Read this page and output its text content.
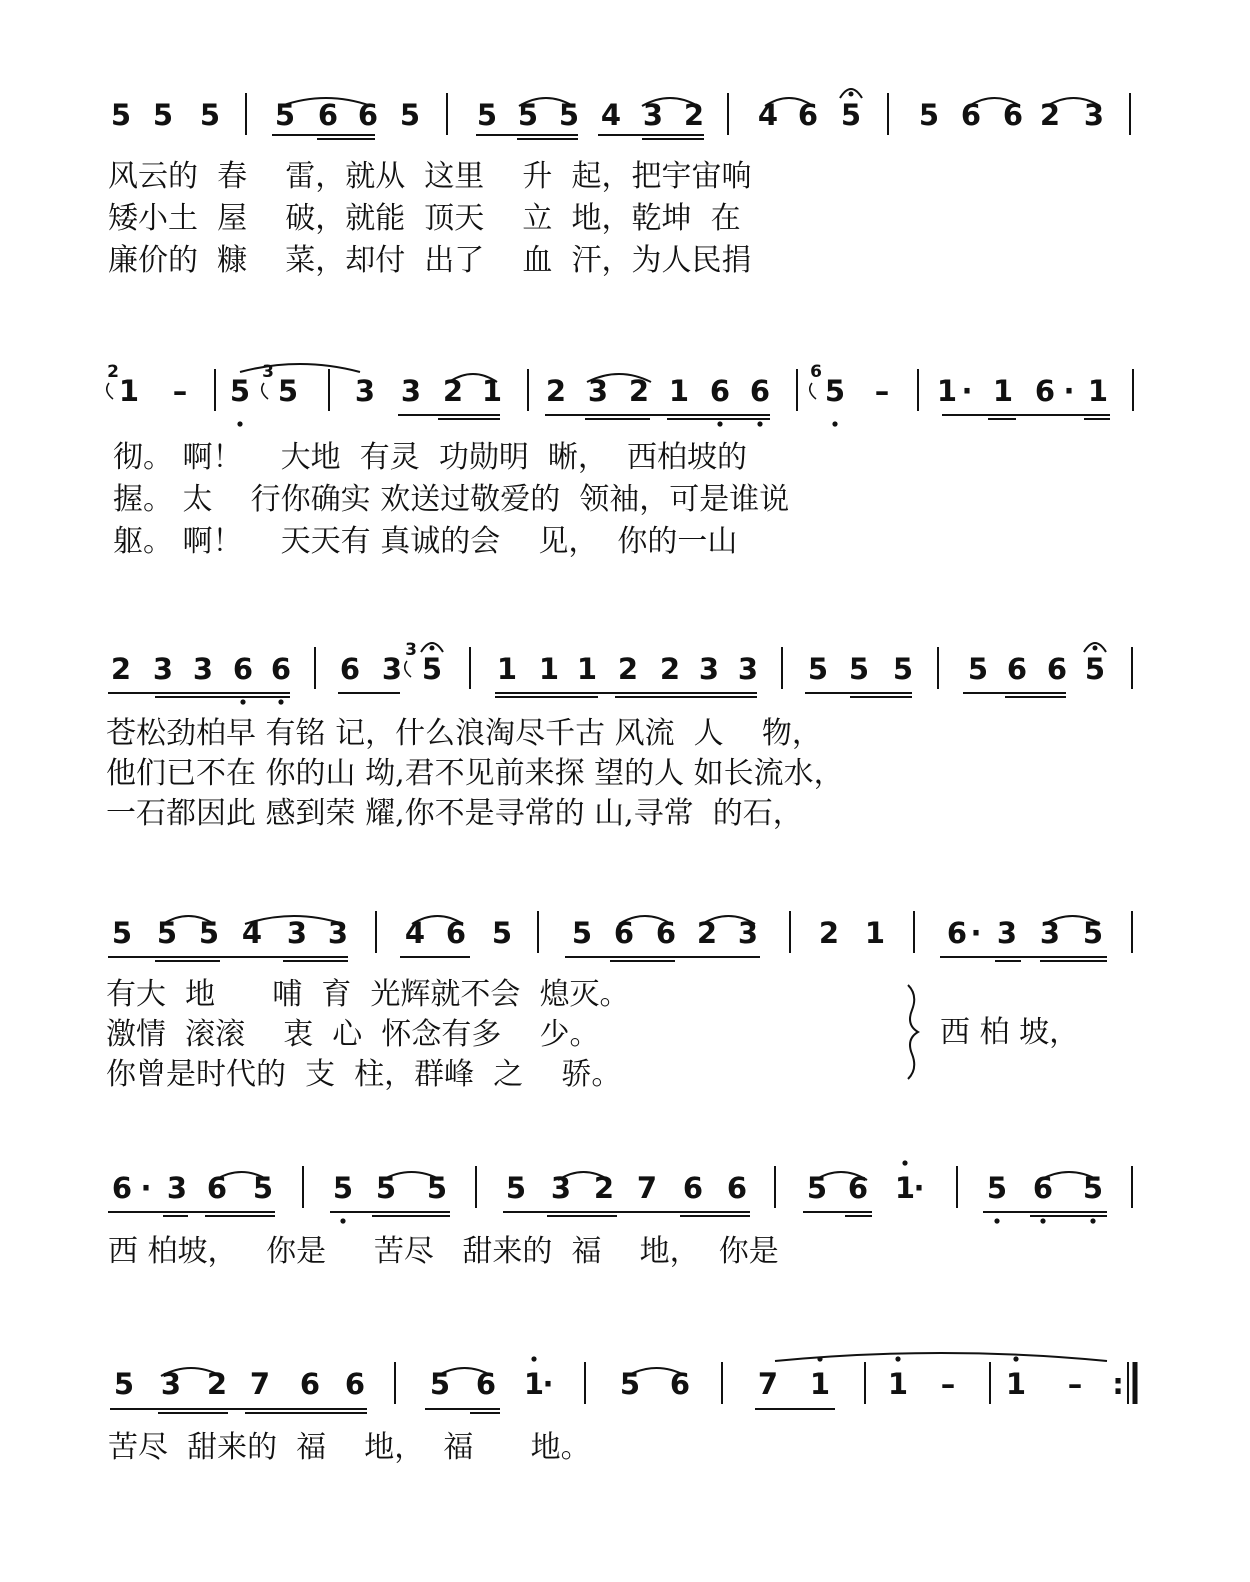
5 5 5 5 6 6 5 5 5 5 4 3 2 4 6 5 5 6 6 2 3
2
1 – 5
3
5 3 3 2 1 2 3 2 1 6 6
6
5 – 1 · 1 6 · 1
2 3 3 6 6 6 3
3
5 1 1 1 2 2 3 3 5 5 5 5 6 6 5
5 5 5 4 3 3 4 6 5 5 6 6 2 3 2 1 6 · 3 3 5
6 · 3 6 5 5 5 5 5 3 2 7 6 6 5 6 1
· 5 6 5
5 3 2 7 6 6 5 6 1
· 5 6 7 1 1 – 1 – :
风云的  春    雷，就从  这里    升  起，把宇宙响
矮小土  屋    破，就能  顶天    立  地，乾坤  在
廉价的  糠    菜，却付  出了    血  汗，为人民捐
彻。 啊！    大地  有灵  功勋明  晰，  西柏坡的
握。 太    行你确实 欢送过敬爱的  领袖，可是谁说
躯。 啊！    天天有 真诚的会    见，  你的一山
苍松劲柏早 有铭 记，什么浪淘尽千古 风流  人    物，
他们已不在 你的山 坳,君不见前来探 望的人 如长流水，
一石都因此 感到荣 耀,你不是寻常的 山,寻常  的石，
有大  地      哺  育  光辉就不会  熄灭。
激情  滚滚    衷  心  怀念有多    少。
你曾是时代的  支  柱，群峰  之    骄。
西 柏 坡，
西 柏坡，   你是     苦尽   甜来的  福    地，  你是
苦尽  甜来的  福    地，  福      地。
